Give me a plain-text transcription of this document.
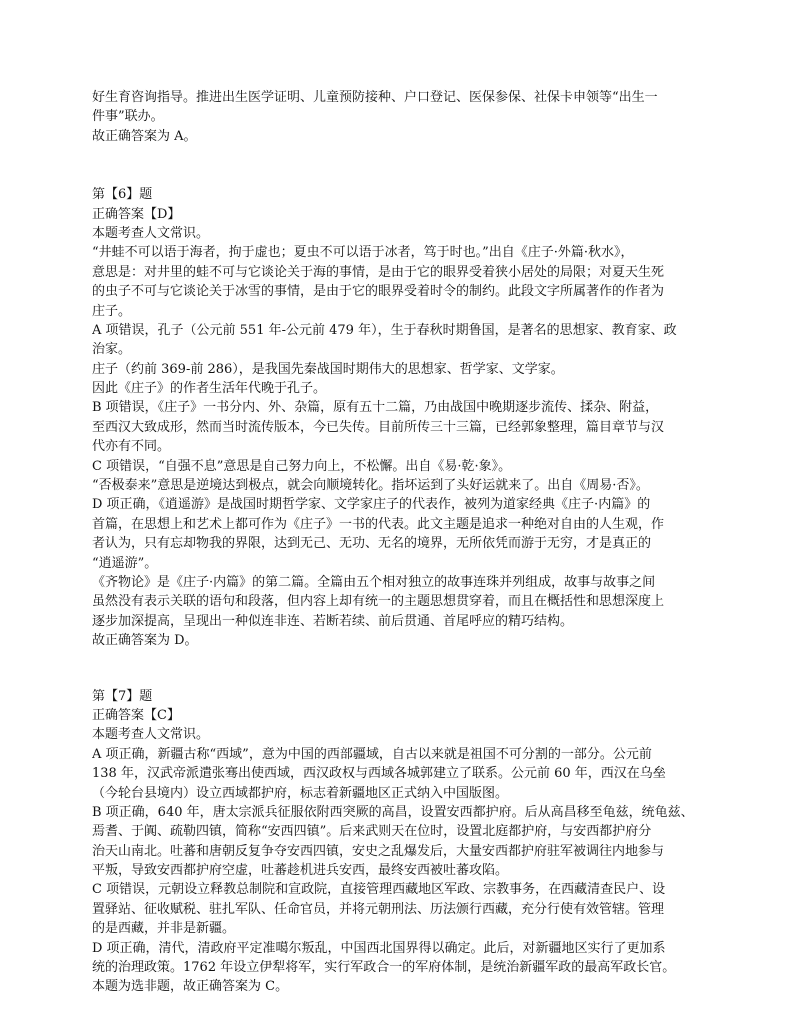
好生育咨询指导。推进出生医学证明、儿童预防接种、户口登记、医保参保、社保卡申领等“出生一
件事”联办。
故正确答案为 A。
第【6】题
正确答案【D】
本题考查人文常识。
“井蛙不可以语于海者，拘于虚也；夏虫不可以语于冰者，笃于时也。”出自《庄子·外篇·秋水》，
意思是：对井里的蛙不可与它谈论关于海的事情，是由于它的眼界受着狭小居处的局限；对夏天生死
的虫子不可与它谈论关于冰雪的事情，是由于它的眼界受着时令的制约。此段文字所属著作的作者为
庄子。
A 项错误，孔子（公元前 551 年-公元前 479 年），生于春秋时期鲁国，是著名的思想家、教育家、政
治家。
庄子（约前 369-前 286），是我国先秦战国时期伟大的思想家、哲学家、文学家。
因此《庄子》的作者生活年代晚于孔子。
B 项错误，《庄子》一书分内、外、杂篇，原有五十二篇，乃由战国中晚期逐步流传、揉杂、附益，
至西汉大致成形，然而当时流传版本，今已失传。目前所传三十三篇，已经郭象整理，篇目章节与汉
代亦有不同。
C 项错误，“自强不息”意思是自己努力向上，不松懈。出自《易·乾·象》。
“否极泰来”意思是逆境达到极点，就会向顺境转化。指坏运到了头好运就来了。出自《周易·否》。
D 项正确，《逍遥游》是战国时期哲学家、文学家庄子的代表作，被列为道家经典《庄子·内篇》的
首篇，在思想上和艺术上都可作为《庄子》一书的代表。此文主题是追求一种绝对自由的人生观，作
者认为，只有忘却物我的界限，达到无己、无功、无名的境界，无所依凭而游于无穷，才是真正的
“逍遥游”。
《齐物论》是《庄子·内篇》的第二篇。全篇由五个相对独立的故事连珠并列组成，故事与故事之间
虽然没有表示关联的语句和段落，但内容上却有统一的主题思想贯穿着，而且在概括性和思想深度上
逐步加深提高，呈现出一种似连非连、若断若续、前后贯通、首尾呼应的精巧结构。
故正确答案为 D。
第【7】题
正确答案【C】
本题考查人文常识。
A 项正确，新疆古称“西域”，意为中国的西部疆域，自古以来就是祖国不可分割的一部分。公元前
138 年，汉武帝派遣张骞出使西域，西汉政权与西域各城郭建立了联系。公元前 60 年，西汉在乌垒
（今轮台县境内）设立西域都护府，标志着新疆地区正式纳入中国版图。
B 项正确，640 年，唐太宗派兵征服依附西突厥的高昌，设置安西都护府。后从高昌移至龟兹，统龟兹、
焉耆、于阗、疏勒四镇，简称“安西四镇”。后来武则天在位时，设置北庭都护府，与安西都护府分
治天山南北。吐蕃和唐朝反复争夺安西四镇，安史之乱爆发后，大量安西都护府驻军被调往内地参与
平叛，导致安西都护府空虚，吐蕃趁机进兵安西，最终安西被吐蕃攻陷。
C 项错误，元朝设立释教总制院和宣政院，直接管理西藏地区军政、宗教事务，在西藏清查民户、设
置驿站、征收赋税、驻扎军队、任命官员，并将元朝刑法、历法颁行西藏，充分行使有效管辖。管理
的是西藏，并非是新疆。
D 项正确，清代，清政府平定准噶尔叛乱，中国西北国界得以确定。此后，对新疆地区实行了更加系
统的治理政策。1762 年设立伊犁将军，实行军政合一的军府体制，是统治新疆军政的最高军政长官。
本题为选非题，故正确答案为 C。
